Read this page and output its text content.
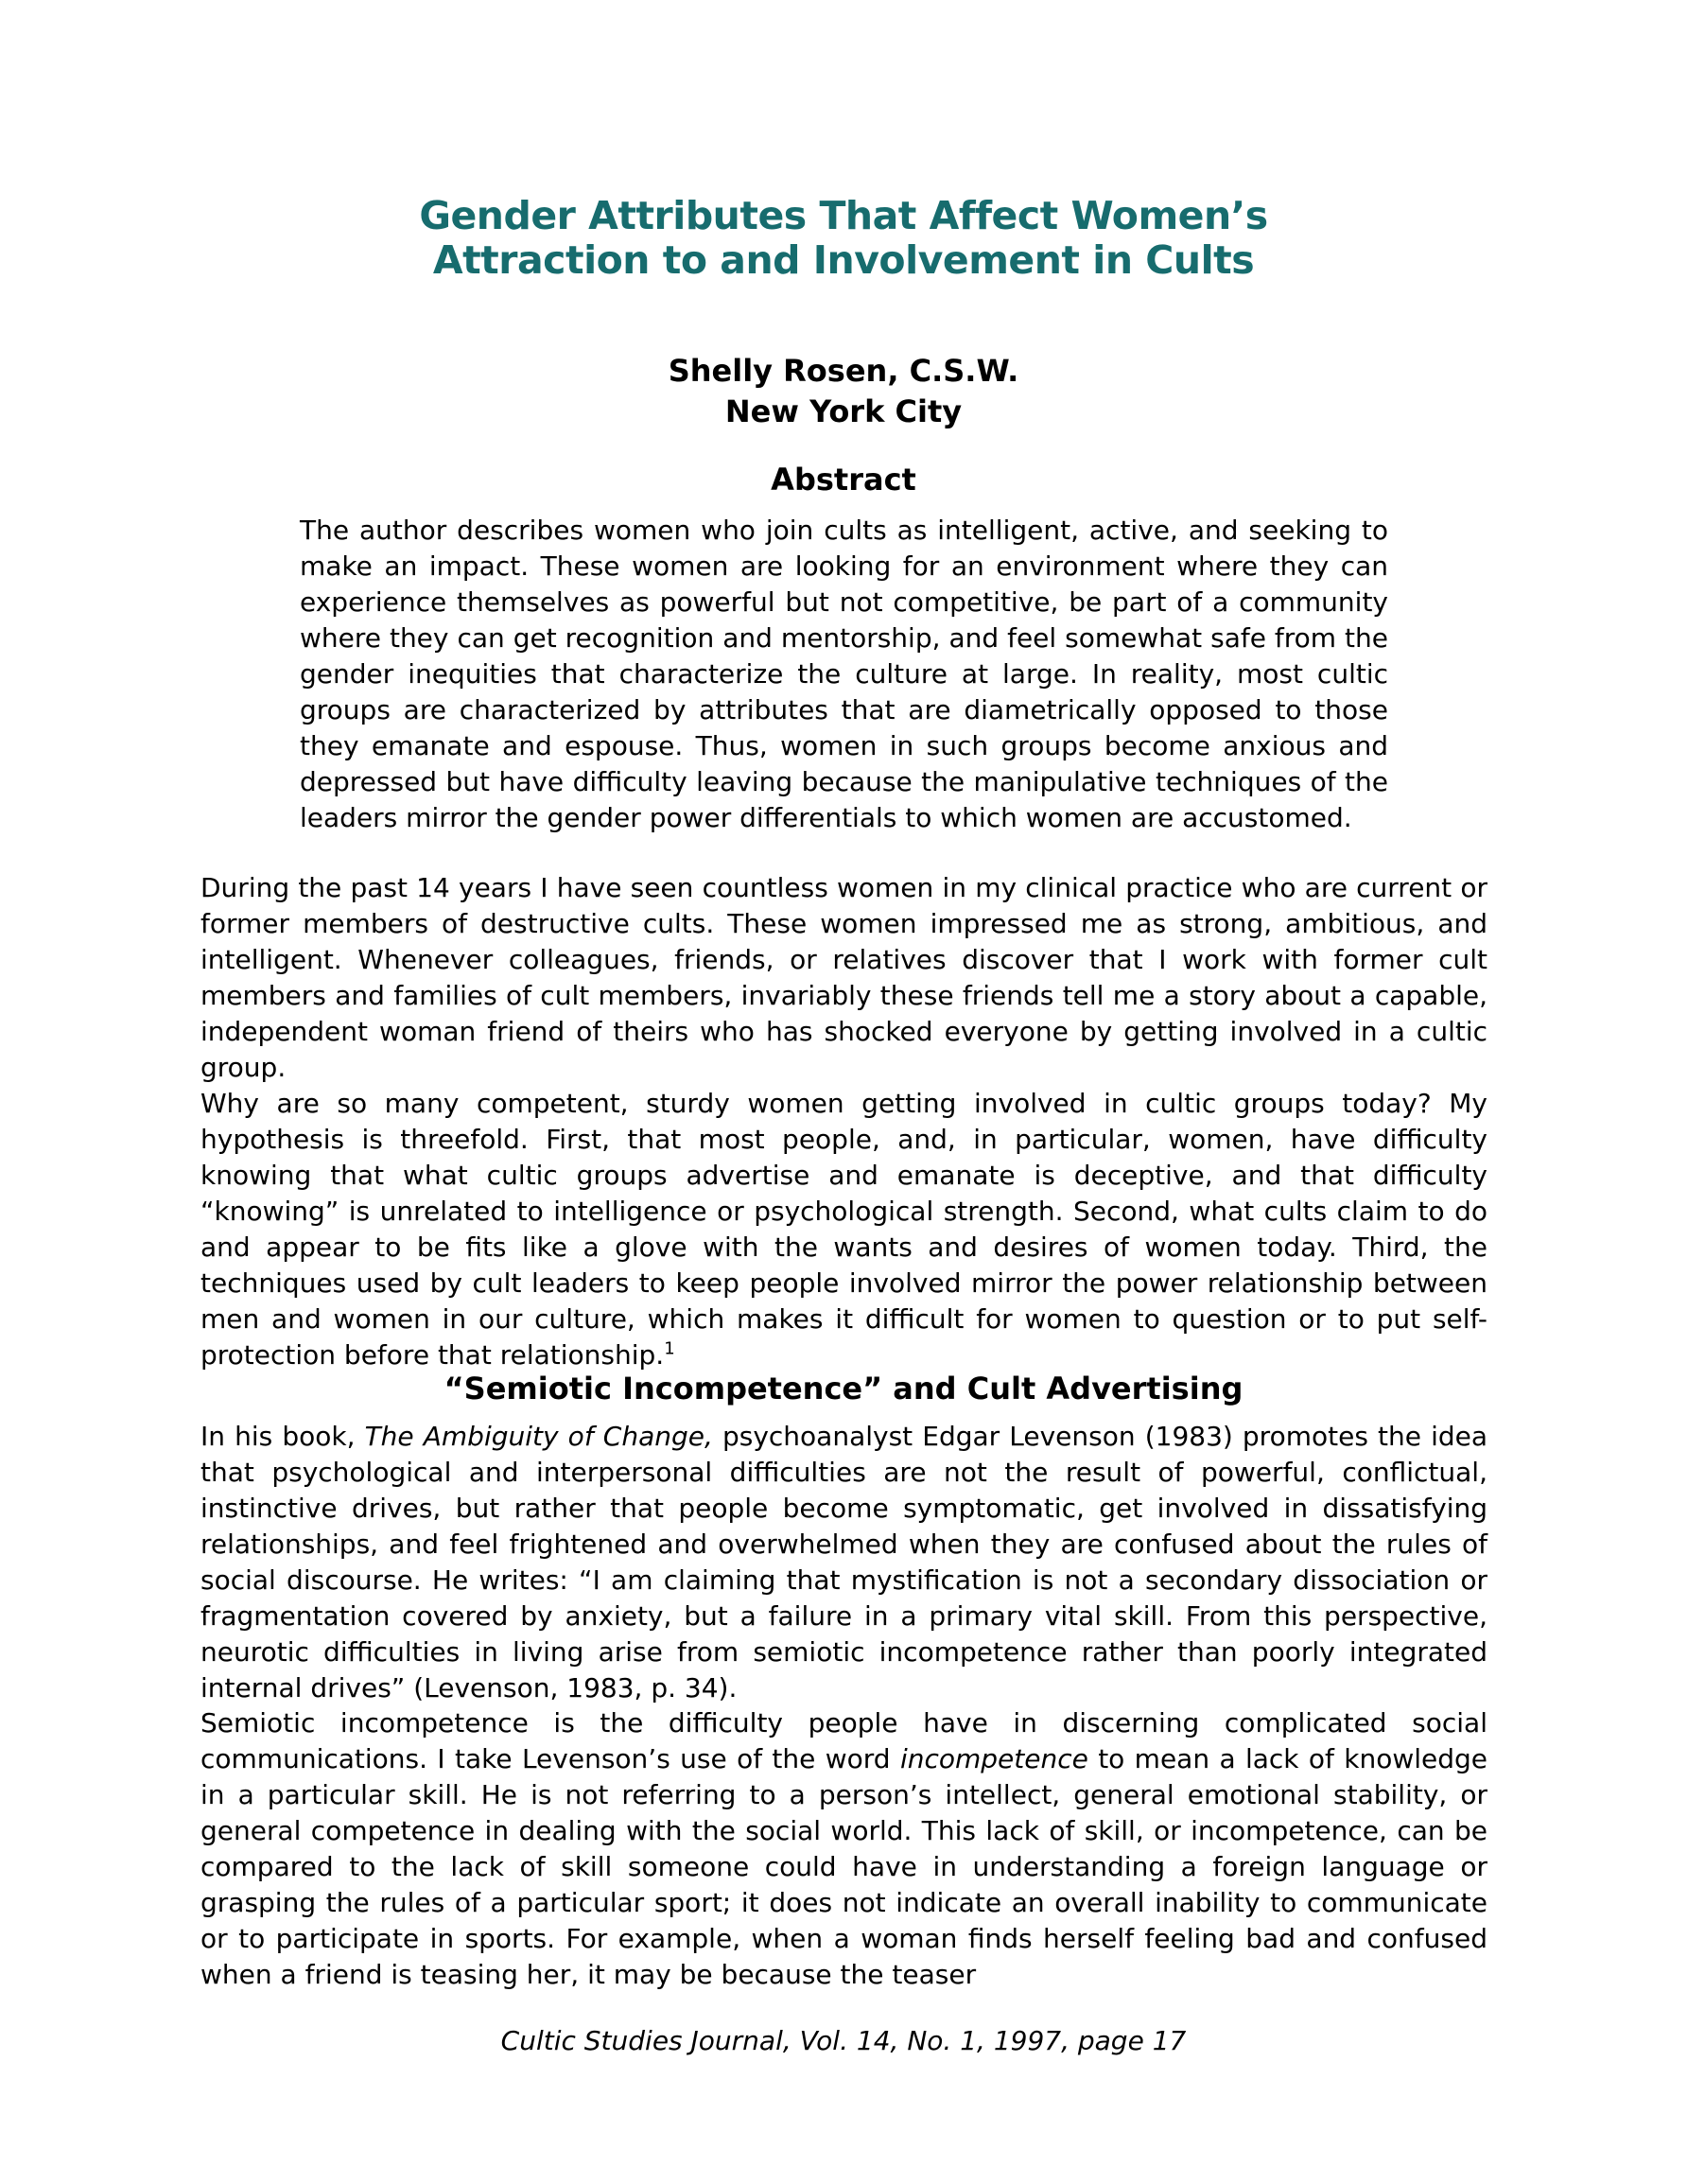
Gender Attributes That Affect Women’s
Attraction to and Involvement in Cults
Shelly Rosen, C.S.W.
New York City
Abstract

The author describes women who join cults as intelligent, active, and seeking to make an impact. These women are looking for an environment where they can experience themselves as powerful but not competitive, be part of a community where they can get recognition and mentorship, and feel somewhat safe from the gender inequities that characterize the culture at large. In reality, most cultic groups are characterized by attributes that are diametrically opposed to those they emanate and espouse. Thus, women in such groups become anxious and depressed but have difficulty leaving because the manipulative techniques of the leaders mirror the gender power differentials to which women are accustomed.

During the past 14 years I have seen countless women in my clinical practice who are current or former members of destructive cults. These women impressed me as strong, ambitious, and intelligent. Whenever colleagues, friends, or relatives discover that I work with former cult members and families of cult members, invariably these friends tell me a story about a capable, independent woman friend of theirs who has shocked everyone by getting involved in a cultic group.

Why are so many competent, sturdy women getting involved in cultic groups today? My hypothesis is threefold. First, that most people, and, in particular, women, have difficulty knowing that what cultic groups advertise and emanate is deceptive, and that difficulty “knowing” is unrelated to intelligence or psychological strength. Second, what cults claim to do and appear to be fits like a glove with the wants and desires of women today. Third, the techniques used by cult leaders to keep people involved mirror the power relationship between men and women in our culture, which makes it difficult for women to question or to put self-protection before that relationship.$^1$

“Semiotic Incompetence” and Cult Advertising

In his book, The Ambiguity of Change, psychoanalyst Edgar Levenson (1983) promotes the idea that psychological and interpersonal difficulties are not the result of powerful, conflictual, instinctive drives, but rather that people become symptomatic, get involved in dissatisfying relationships, and feel frightened and overwhelmed when they are confused about the rules of social discourse. He writes: “I am claiming that mystification is not a secondary dissociation or fragmentation covered by anxiety, but a failure in a primary vital skill. From this perspective, neurotic difficulties in living arise from semiotic incompetence rather than poorly integrated internal drives” (Levenson, 1983, p. 34).

Semiotic incompetence is the difficulty people have in discerning complicated social communications. I take Levenson’s use of the word incompetence to mean a lack of knowledge in a particular skill. He is not referring to a person’s intellect, general emotional stability, or general competence in dealing with the social world. This lack of skill, or incompetence, can be compared to the lack of skill someone could have in understanding a foreign language or grasping the rules of a particular sport; it does not indicate an overall inability to communicate or to participate in sports. For example, when a woman finds herself feeling bad and confused when a friend is teasing her, it may be because the teaser

Cultic Studies Journal, Vol. 14, No. 1, 1997, page 17
